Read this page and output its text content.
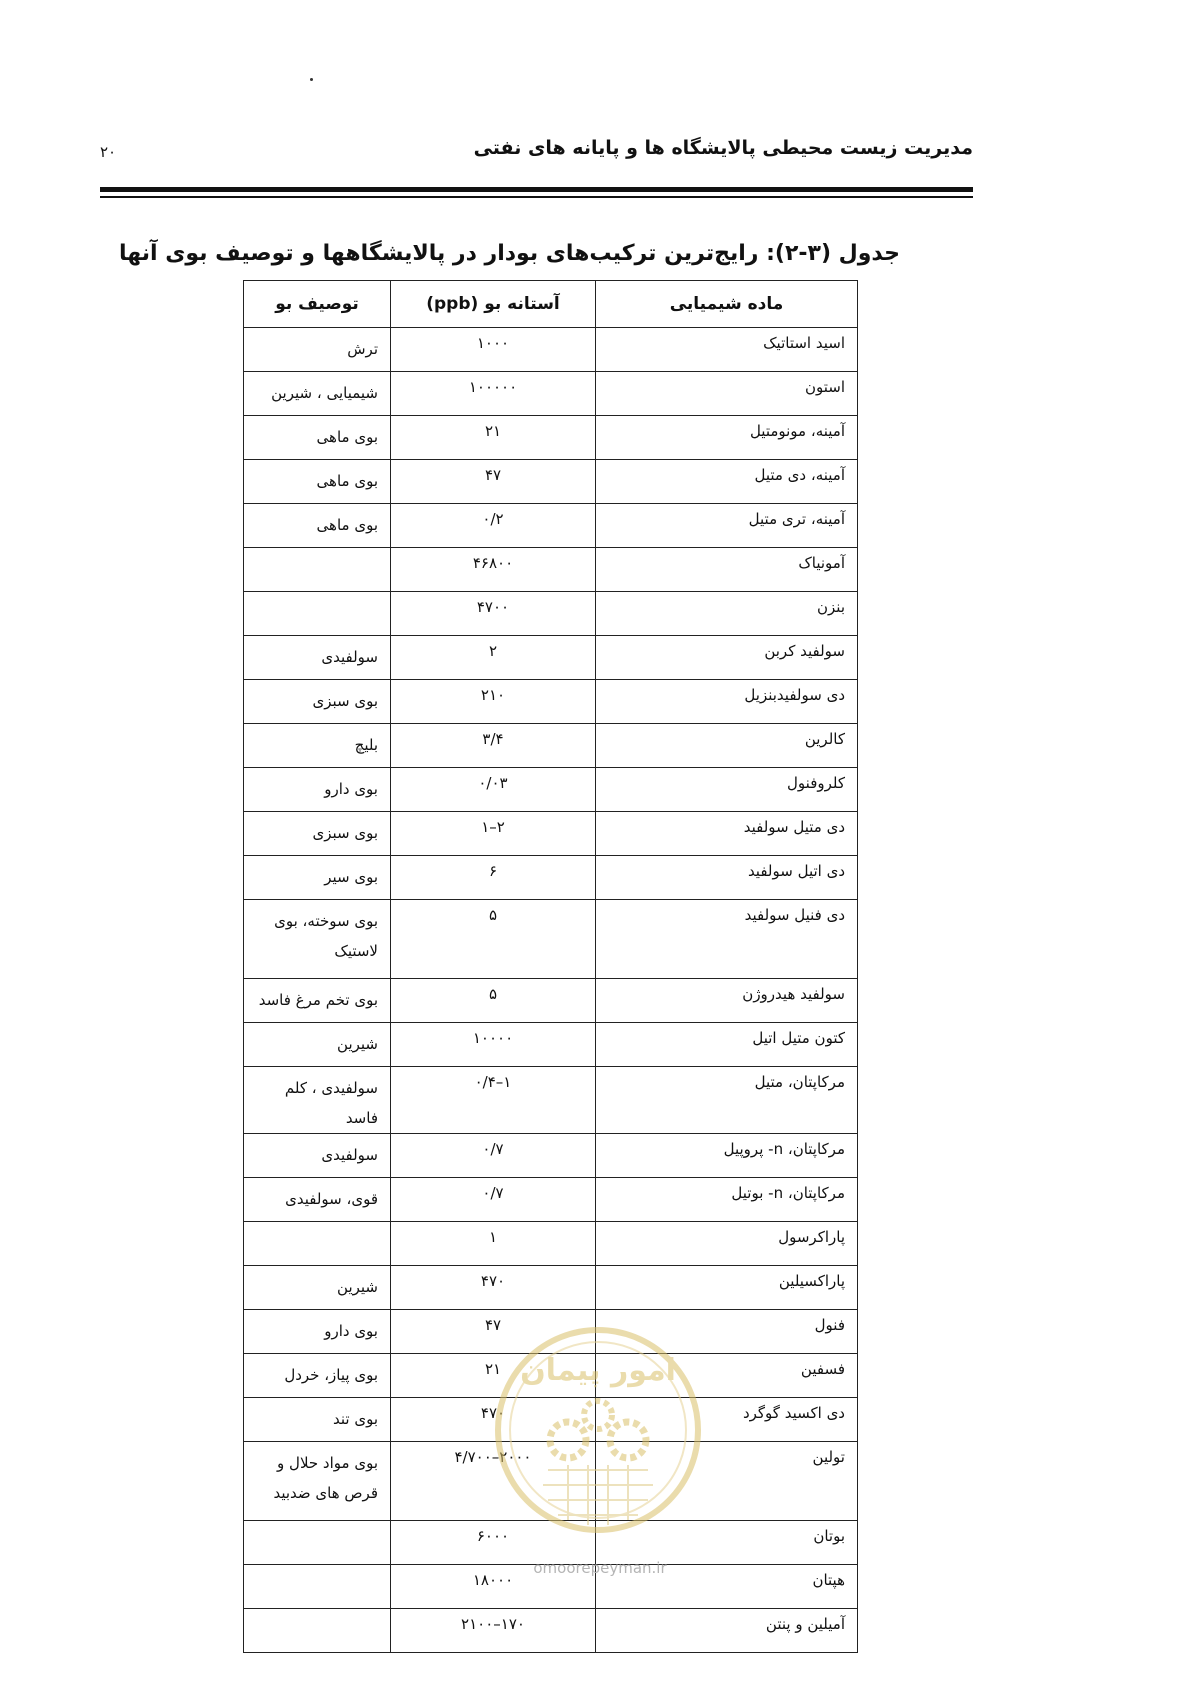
۲۰	مدیریت زیست محیطی پالایشگاه ها و پایانه های نفتی
جدول (۳-۲): رایج‌ترین ترکیب‌های بودار در پالایشگاهها و توصیف بوی آنها
ماده شیمیایی	آستانه بو (ppb)	توصیف بو
اسید استاتیک	۱۰۰۰	ترش
استون	۱۰۰۰۰۰	شیمیایی ، شیرین
آمینه، مونومتیل	۲۱	بوی ماهی
آمینه، دی متیل	۴۷	بوی ماهی
آمینه، تری متیل	۰/۲	بوی ماهی
آمونیاک	۴۶۸۰۰	
بنزن	۴۷۰۰	
سولفید کربن	۲	سولفیدی
دی سولفیدبنزیل	۲۱۰	بوی سبزی
کالرین	۳/۴	بلیچ
کلروفنول	۰/۰۳	بوی دارو
دی متیل سولفید	۲–۱	بوی سبزی
دی اتیل سولفید	۶	بوی سیر
دی فنیل سولفید	۵	بوی سوخته، بوی لاستیک
سولفید هیدروژن	۵	بوی تخم مرغ فاسد
کتون متیل اتیل	۱۰۰۰۰	شیرین
مرکاپتان، متیل	۱–۰/۴	سولفیدی ، کلم فاسد
مرکاپتان، n- پروپیل	۰/۷	سولفیدی
مرکاپتان، n- بوتیل	۰/۷	قوی، سولفیدی
پاراکرسول	۱	
پاراکسیلین	۴۷۰	شیرین
فنول	۴۷	بوی دارو
فسفین	۲۱	بوی پیاز، خردل
دی اکسید گوگرد	۴۷۰	بوی تند
تولین	۲۰۰۰–۴/۷۰۰	بوی مواد حلال و قرص های ضدبید
بوتان	۶۰۰۰	
هپتان	۱۸۰۰۰	
آمیلین و پنتن	۱۷۰–۲۱۰۰	
امور پیمان
omoorepeyman.ir
